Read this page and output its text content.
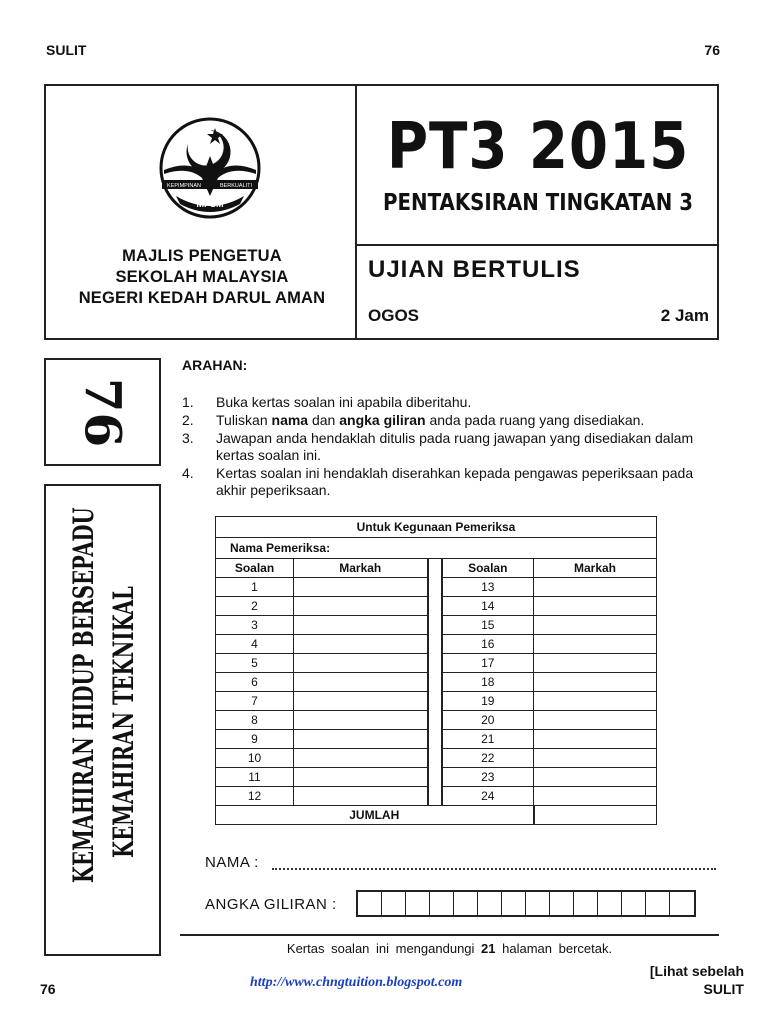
SULIT	76
KEPIMPINAN	BERKUALITI
MPSM
MAJLIS PENGETUA
SEKOLAH MALAYSIA
NEGERI KEDAH DARUL AMAN
PT3 2015
PENTAKSIRAN TINGKATAN 3
UJIAN BERTULIS
OGOS	2 Jam
76
KEMAHIRAN HIDUP BERSEPADU KEMAHIRAN TEKNIKAL
ARAHAN:
1.	Buka kertas soalan ini apabila diberitahu.
2.	Tuliskan nama dan angka giliran anda pada ruang yang disediakan.
3.	Jawapan anda hendaklah ditulis pada ruang jawapan yang disediakan dalam kertas soalan ini.
4.	Kertas soalan ini hendaklah diserahkan kepada pengawas peperiksaan pada akhir peperiksaan.
Untuk Kegunaan Pemeriksa				
Nama Pemeriksa:				
Soalan	Markah		Soalan	Markah
1			13	
2			14	
3			15	
4			16	
5			17	
6			18	
7			19	
8			20	
9			21	
10			22	
11			23	
12			24	
JUMLAH				
NAMA :
ANGKA GILIRAN :
Kertas soalan ini mengandungi 21 halaman bercetak.
76	http://www.chngtuition.blogspot.com
[Lihat sebelah
SULIT
